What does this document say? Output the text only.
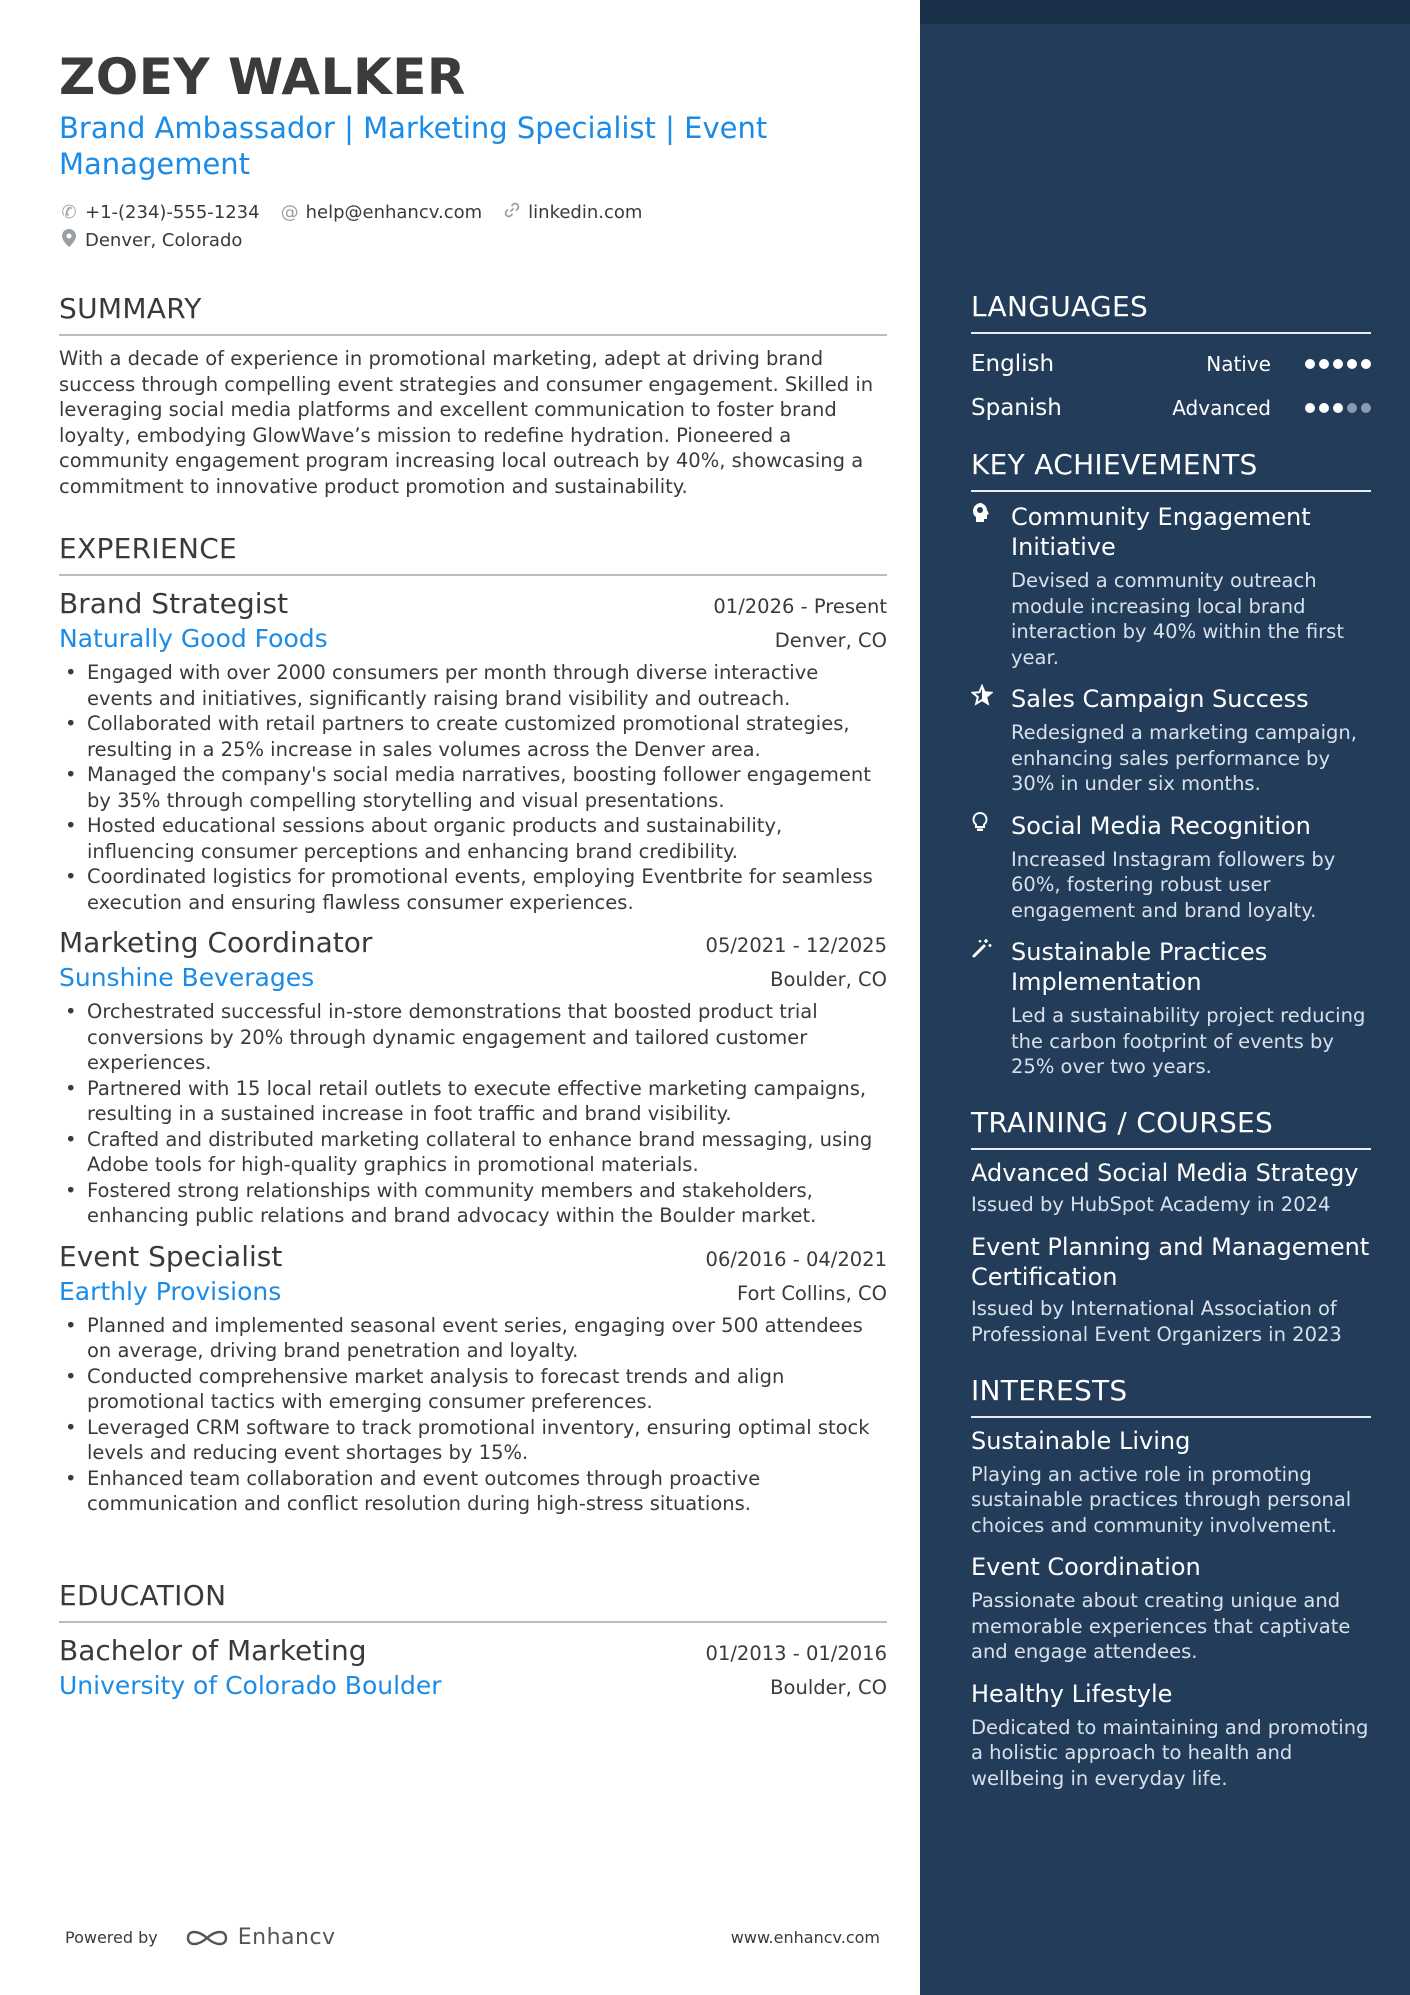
ZOEY WALKER
Brand Ambassador | Marketing Specialist | Event Management
✆ +1-(234)-555-1234 @ help@enhancv.com	linkedin.com
Denver, Colorado
SUMMARY
With a decade of experience in promotional marketing, adept at driving brand success through compelling event strategies and consumer engagement. Skilled in leveraging social media platforms and excellent communication to foster brand loyalty, embodying GlowWave’s mission to redefine hydration. Pioneered a community engagement program increasing local outreach by 40%, showcasing a commitment to innovative product promotion and sustainability.
EXPERIENCE
Brand Strategist	01/2026 - Present
Naturally Good Foods	Denver, CO
• Engaged with over 2000 consumers per month through diverse interactive events and initiatives, significantly raising brand visibility and outreach.
• Collaborated with retail partners to create customized promotional strategies, resulting in a 25% increase in sales volumes across the Denver area.
• Managed the company's social media narratives, boosting follower engagement by 35% through compelling storytelling and visual presentations.
• Hosted educational sessions about organic products and sustainability, influencing consumer perceptions and enhancing brand credibility.
• Coordinated logistics for promotional events, employing Eventbrite for seamless execution and ensuring flawless consumer experiences.
Marketing Coordinator	05/2021 - 12/2025
Sunshine Beverages	Boulder, CO
• Orchestrated successful in-store demonstrations that boosted product trial conversions by 20% through dynamic engagement and tailored customer experiences.
• Partnered with 15 local retail outlets to execute effective marketing campaigns, resulting in a sustained increase in foot traffic and brand visibility.
• Crafted and distributed marketing collateral to enhance brand messaging, using Adobe tools for high-quality graphics in promotional materials.
• Fostered strong relationships with community members and stakeholders, enhancing public relations and brand advocacy within the Boulder market.
Event Specialist	06/2016 - 04/2021
Earthly Provisions	Fort Collins, CO
• Planned and implemented seasonal event series, engaging over 500 attendees on average, driving brand penetration and loyalty.
• Conducted comprehensive market analysis to forecast trends and align promotional tactics with emerging consumer preferences.
• Leveraged CRM software to track promotional inventory, ensuring optimal stock levels and reducing event shortages by 15%.
• Enhanced team collaboration and event outcomes through proactive communication and conflict resolution during high-stress situations.
EDUCATION
Bachelor of Marketing	01/2013 - 01/2016
University of Colorado Boulder	Boulder, CO
Powered by	Enhancv	www.enhancv.com
LANGUAGES
English	Native
Spanish	Advanced
KEY ACHIEVEMENTS
Community Engagement Initiative
Devised a community outreach module increasing local brand interaction by 40% within the first year.
Sales Campaign Success
Redesigned a marketing campaign, enhancing sales performance by 30% in under six months.
Social Media Recognition
Increased Instagram followers by 60%, fostering robust user engagement and brand loyalty.
Sustainable Practices Implementation
Led a sustainability project reducing the carbon footprint of events by 25% over two years.
TRAINING / COURSES
Advanced Social Media Strategy
Issued by HubSpot Academy in 2024
Event Planning and Management Certification
Issued by International Association of Professional Event Organizers in 2023
INTERESTS
Sustainable Living
Playing an active role in promoting sustainable practices through personal choices and community involvement.
Event Coordination
Passionate about creating unique and memorable experiences that captivate and engage attendees.
Healthy Lifestyle
Dedicated to maintaining and promoting a holistic approach to health and wellbeing in everyday life.
